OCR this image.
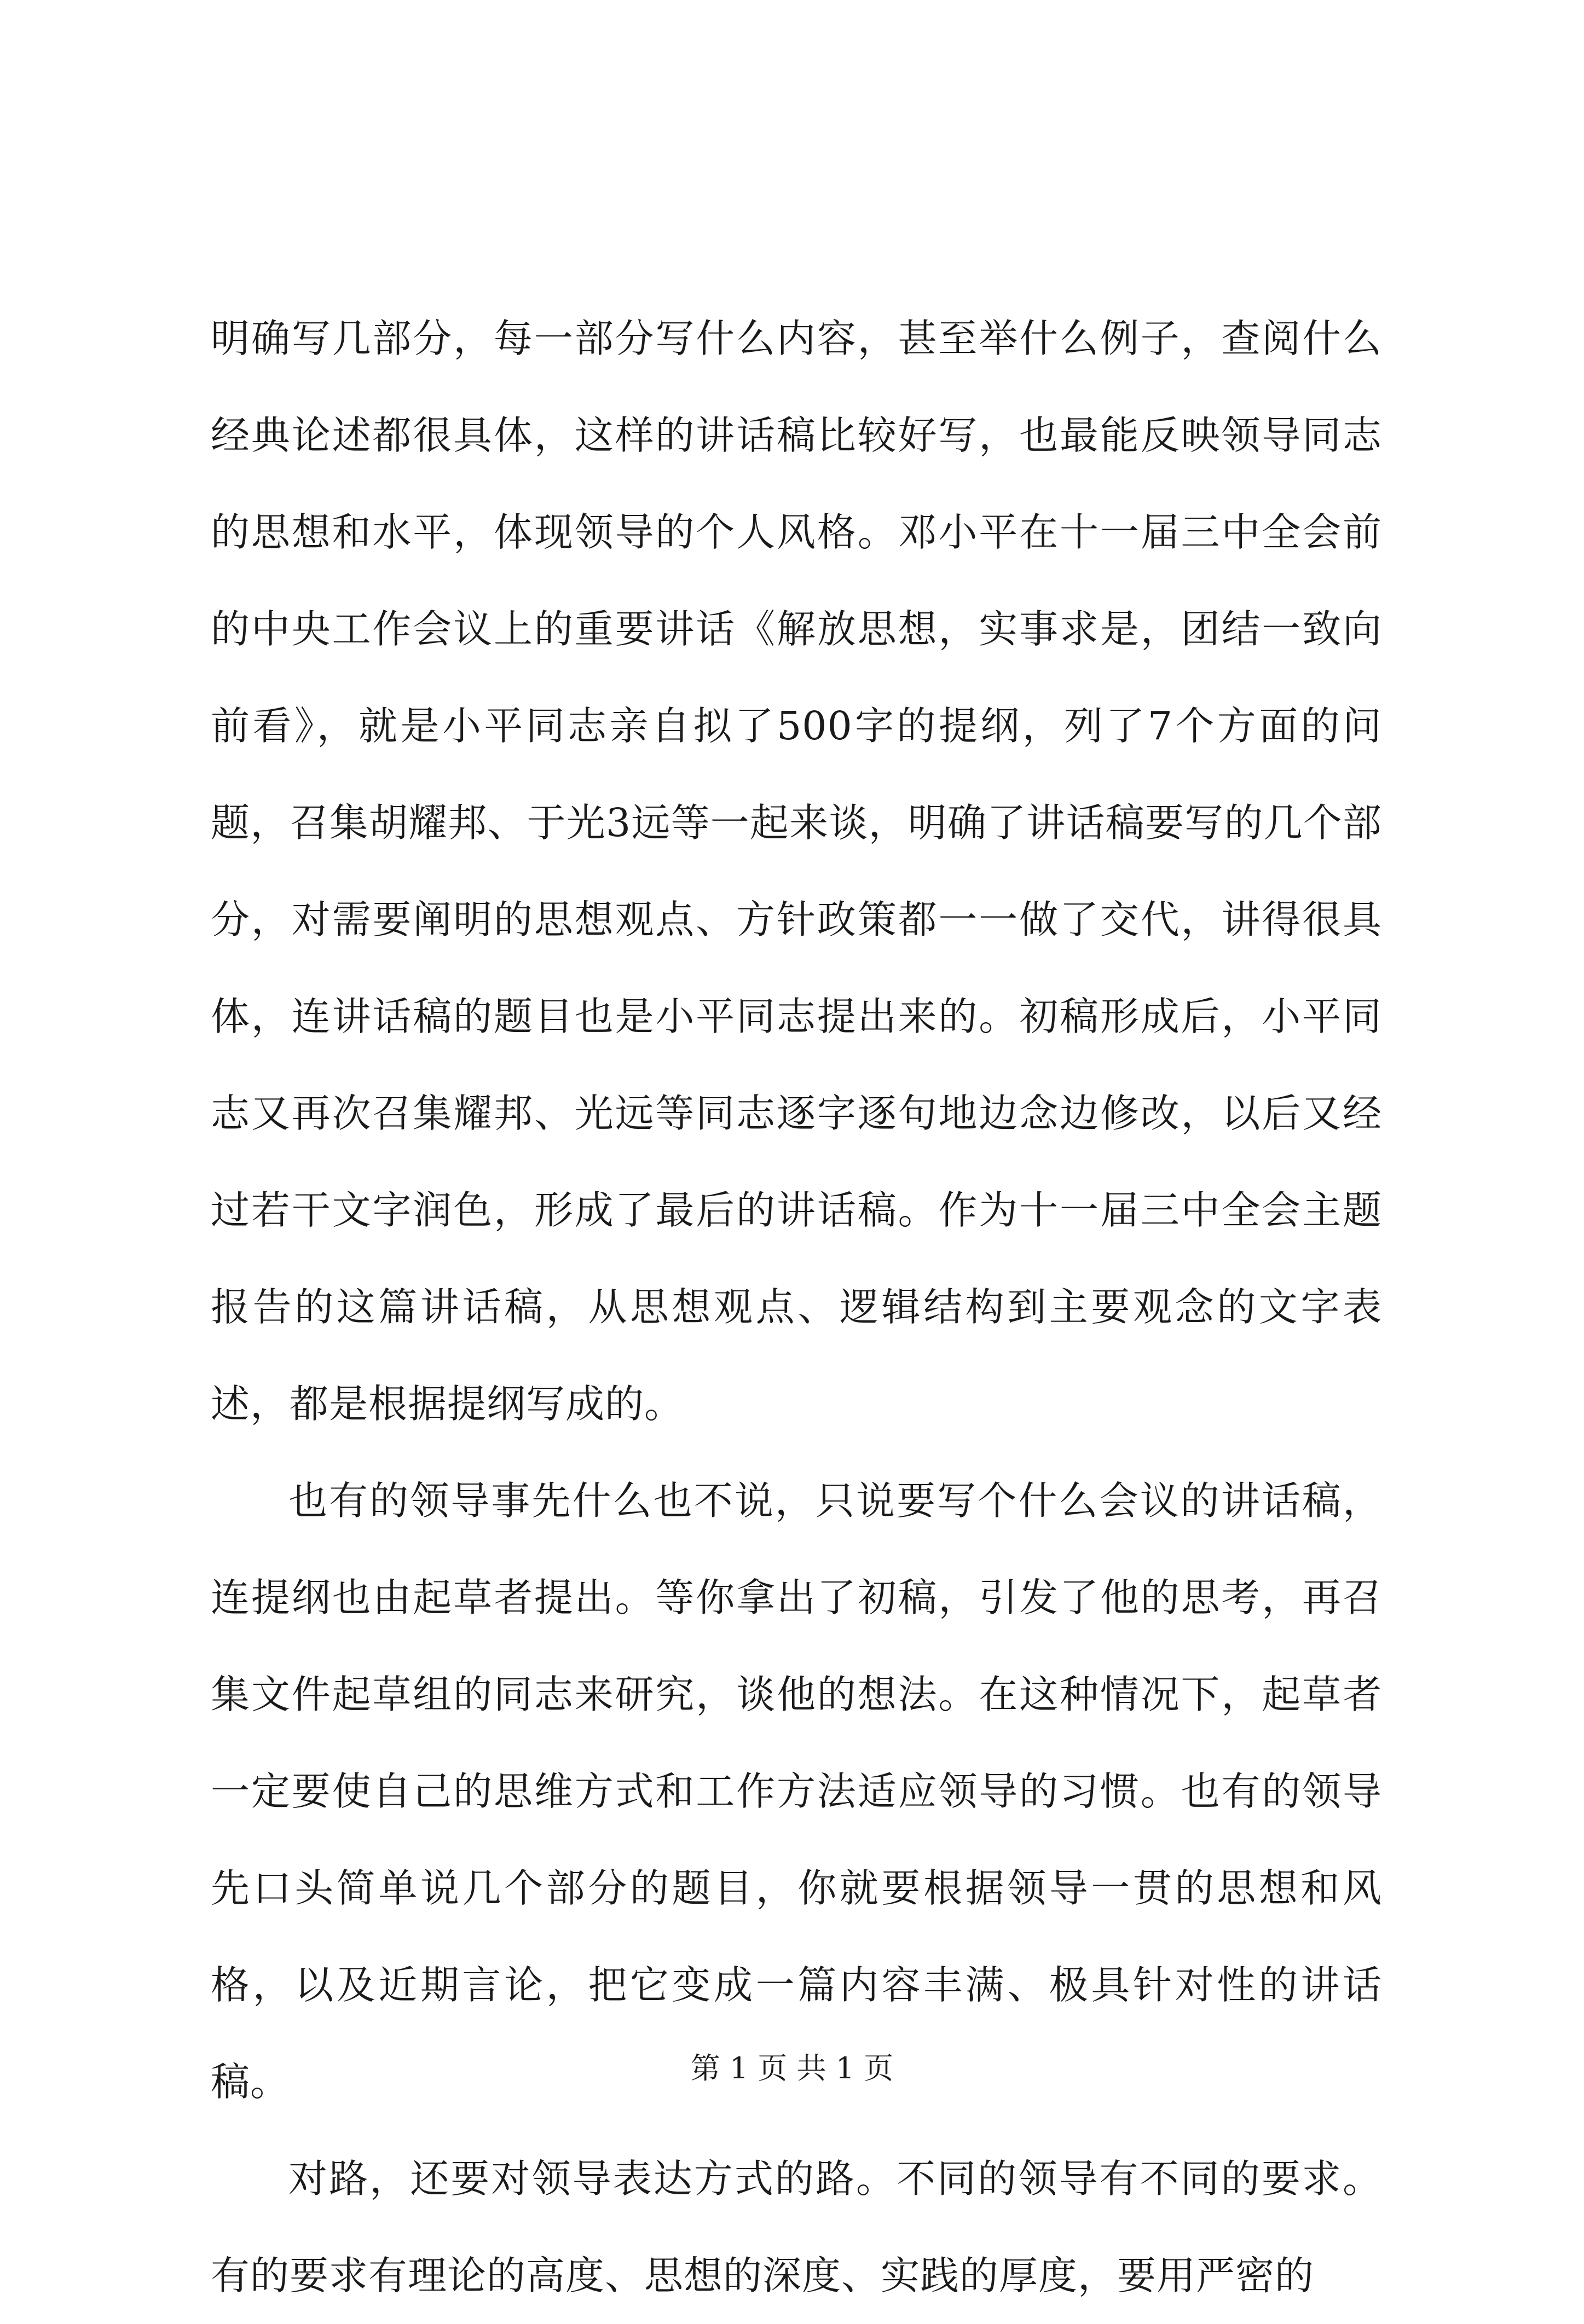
明确写几部分，每一部分写什么内容，甚至举什么例子，查阅什么经典论述都很具体，这样的讲话稿比较好写，也最能反映领导同志的思想和水平，体现领导的个人风格。邓小平在十一届三中全会前的中央工作会议上的重要讲话《解放思想，实事求是，团结一致向前看》，就是小平同志亲自拟了500字的提纲，列了7个方面的问题，召集胡耀邦、于光3远等一起来谈，明确了讲话稿要写的几个部分，对需要阐明的思想观点、方针政策都一一做了交代，讲得很具体，连讲话稿的题目也是小平同志提出来的。初稿形成后，小平同志又再次召集耀邦、光远等同志逐字逐句地边念边修改，以后又经过若干文字润色，形成了最后的讲话稿。作为十一届三中全会主题报告的这篇讲话稿，从思想观点、逻辑结构到主要观念的文字表述，都是根据提纲写成的。

也有的领导事先什么也不说，只说要写个什么会议的讲话稿，连提纲也由起草者提出。等你拿出了初稿，引发了他的思考，再召集文件起草组的同志来研究，谈他的想法。在这种情况下，起草者一定要使自己的思维方式和工作方法适应领导的习惯。也有的领导先口头简单说几个部分的题目，你就要根据领导一贯的思想和风格，以及近期言论，把它变成一篇内容丰满、极具针对性的讲话稿。

对路，还要对领导表达方式的路。不同的领导有不同的要求。有的要求有理论的高度、思想的深度、实践的厚度，要用严密的

第 1 页 共 1 页
